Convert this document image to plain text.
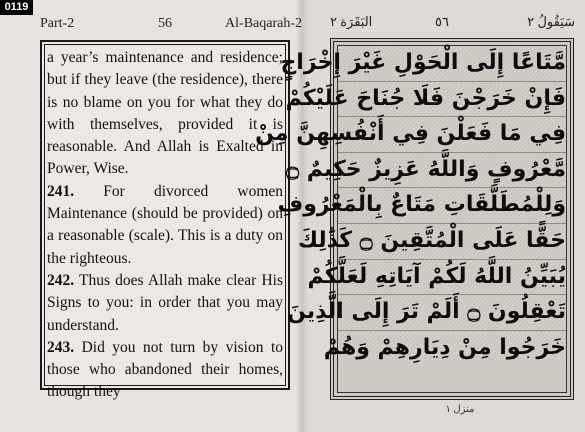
0119
Part-2	56	Al-Baqarah-2

a year’s maintenance and residence; but if they leave (the residence), there is no blame on you for what they do with themselves, provided it is reasonable. And Allah is Exalted in Power, Wise.

241. For divorced women Maintenance (should be provided) on a reasonable (scale). This is a duty on the righteous.

242. Thus does Allah make clear His Signs to you: in order that you may understand.

243. Did you not turn by vision to those who abandoned their homes, though they

سَيَقُولُ ٢
٥٦
البَقَرَة ٢
مَّتَاعًا إِلَى الْحَوْلِ غَيْرَ إِخْرَاجٍ
فَإِنْ خَرَجْنَ فَلَا جُنَاحَ عَلَيْكُمْ
فِي مَا فَعَلْنَ فِي أَنْفُسِهِنَّ مِنْ
مَّعْرُوفٍ وَاللَّهُ عَزِيزٌ حَكِيمٌ ۝
وَلِلْمُطَلَّقَاتِ مَتَاعٌ بِالْمَعْرُوفِ
حَقًّا عَلَى الْمُتَّقِينَ ۝ كَذَٰلِكَ
يُبَيِّنُ اللَّهُ لَكُمْ آيَاتِهِ لَعَلَّكُمْ
تَعْقِلُونَ ۝ أَلَمْ تَرَ إِلَى الَّذِينَ
خَرَجُوا مِنْ دِيَارِهِمْ وَهُمْ
منزل ١
